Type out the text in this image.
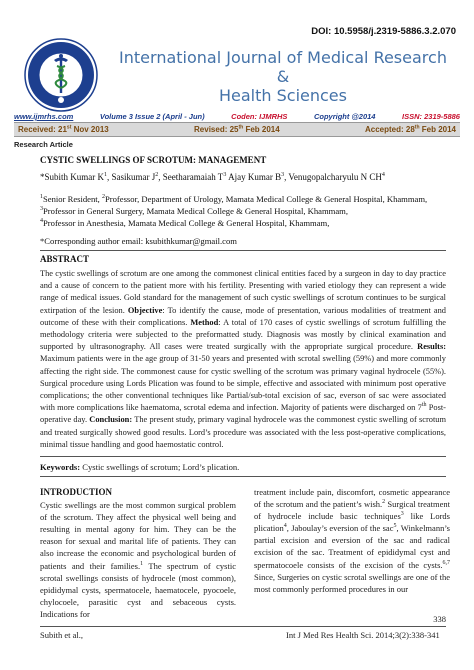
DOI: 10.5958/j.2319-5886.3.2.070
International Journal of Medical Research
&
Health Sciences
www.ijmrhs.com	Volume 3 Issue 2 (April - Jun)	Coden: IJMRHS	Copyright @2014	ISSN: 2319-5886
Received: 21st Nov 2013	Revised: 25th Feb 2014	Accepted: 28th Feb 2014
Research Article
CYSTIC SWELLINGS OF SCROTUM: MANAGEMENT
*Subith Kumar $K^1$, Sasikumar $J^2$, Seetharamaiah $T^3$ Ajay Kumar $B^3$, Venugopalcharyulu N $CH^4$
$^1$Senior Resident, $^2$Professor, Department of Urology, Mamata Medical College & General Hospital, Khammam,
$^3$Professor in General Surgery, Mamata Medical College & General Hospital, Khammam,
$^4$Professor in Anesthesia, Mamata Medical College & General Hospital, Khammam,
*Corresponding author email: ksubithkumar@gmail.com
ABSTRACT
The cystic swellings of scrotum are one among the commonest clinical entities faced by a surgeon in day to day practice and a cause of concern to the patient more with his fertility. Presenting with varied etiology they can represent a wide range of medical issues. Gold standard for the management of such cystic swellings of scrotum continues to be surgical extirpation of the lesion. Objective: To identify the cause, mode of presentation, various modalities of treatment and outcome of these with their complications. Method: A total of 170 cases of cystic swellings of scrotum fulfilling the methodology criteria were subjected to the preformatted study. Diagnosis was mostly by clinical examination and supported by ultrasonography. All cases were treated surgically with the appropriate surgical procedure. Results: Maximum patients were in the age group of 31-50 years and presented with scrotal swelling (59%) and more commonly affecting the right side. The commonest cause for cystic swelling of the scrotum was primary vaginal hydrocele (55%). Surgical procedure using Lords Plication was found to be simple, effective and associated with minimum post operative complications; the other conventional techniques like Partial/sub-total excision of sac, everson of sac were associated with more complications like haematoma, scrotal edema and infection. Majority of patients were discharged on 7th Post-operative day. Conclusion: The present study, primary vaginal hydrocele was the commonest cystic swelling of scrotum and treated surgically showed good results. Lord’s procedure was associated with the less post-operative complications, minimal tissue handling and good haemostatic control.
Keywords: Cystic swellings of scrotum; Lord’s plication.
INTRODUCTION
Cystic swellings are the most common surgical problem of the scrotum. They affect the physical well being and resulting in mental agony for him. They can be the reason for sexual and marital life of patients. They can also increase the economic and psychological burden of patients and their families.$^1$ The spectrum of cystic scrotal swellings consists of hydrocele (most common), epididymal cysts, spermatocele, haematocele, pyocoele, chylocoele, parasitic cyst and sebaceous cysts. Indications for
treatment include pain, discomfort, cosmetic appearance of the scrotum and the patient’s wish.$^2$ Surgical treatment of hydrocele include basic techniques$^3$ like Lords plication$^4$, Jaboulay’s eversion of the sac$^5$, Winkelmann’s partial excision and eversion of the sac and radical excision of the sac. Treatment of epididymal cyst and spermatocoele consists of the excision of the cysts.$^{6,7}$ Since, Surgeries on cystic scrotal swellings are one of the most commonly performed procedures in our
338
Subith et al.,	Int J Med Res Health Sci. 2014;3(2):338-341
